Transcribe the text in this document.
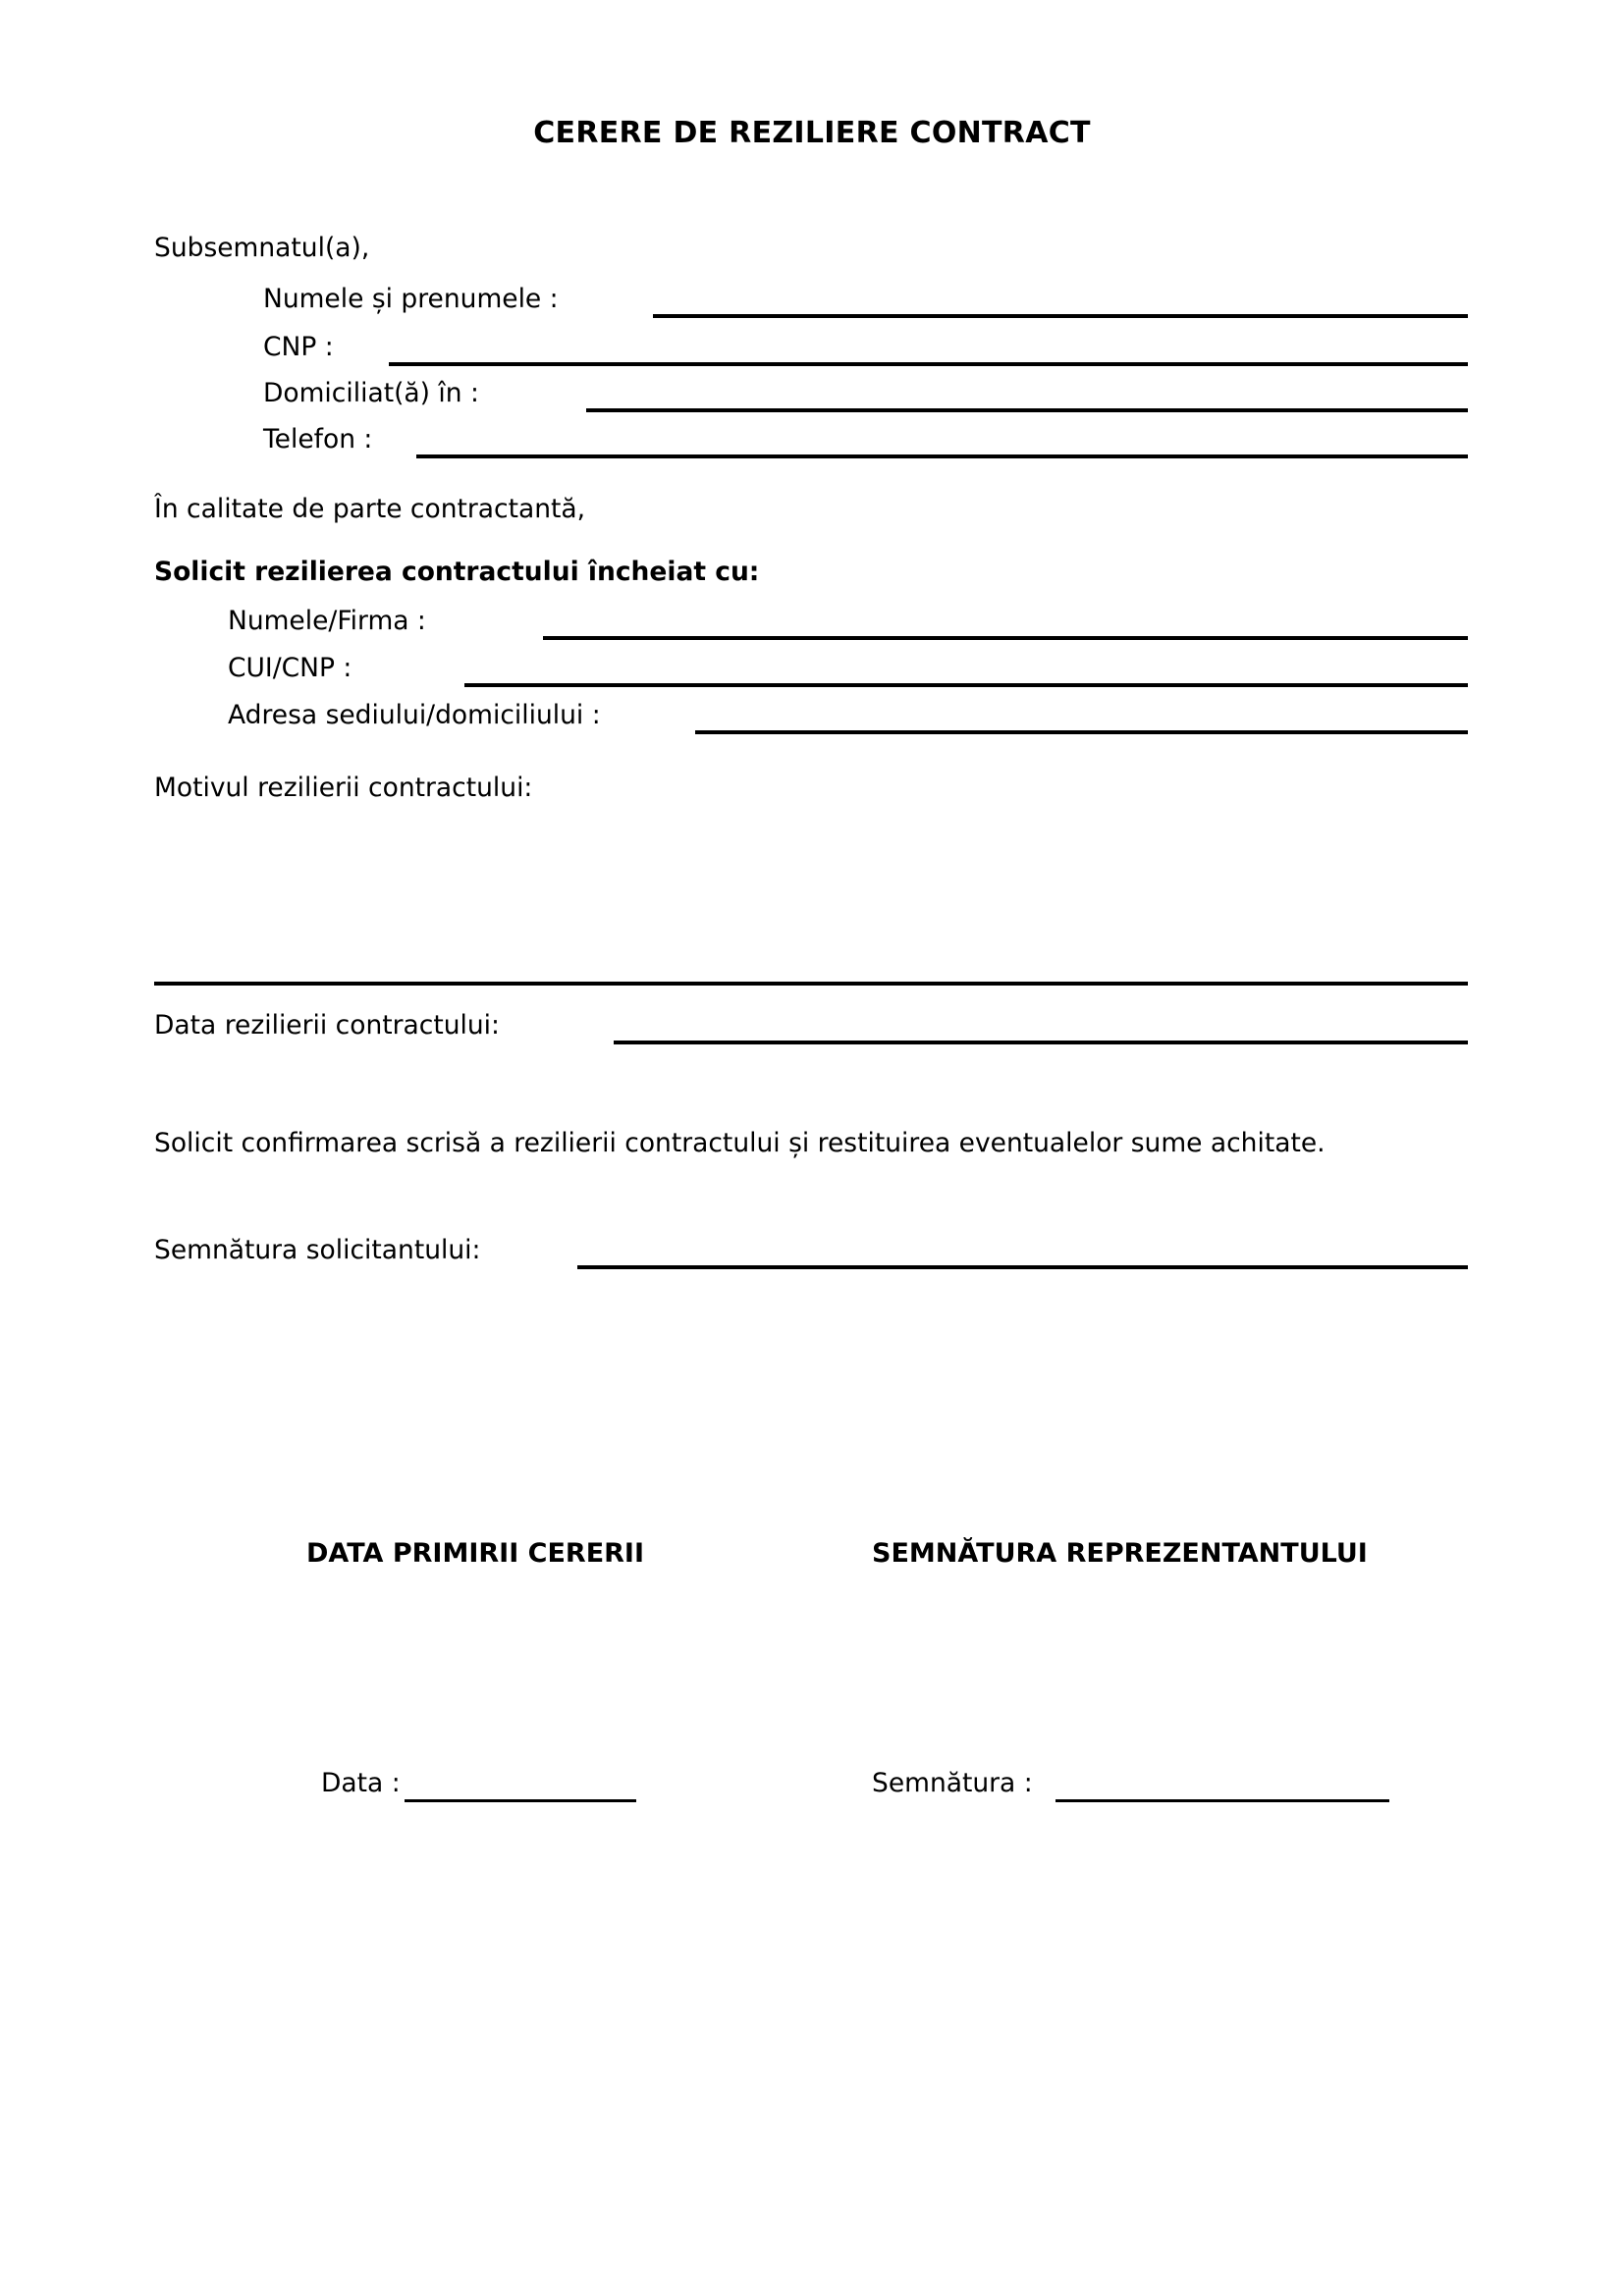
CERERE DE REZILIERE CONTRACT
Subsemnatul(a),
Numele și prenumele :
CNP :
Domiciliat(ă) în :
Telefon :
În calitate de parte contractantă,
Solicit rezilierea contractului încheiat cu:
Numele/Firma :
CUI/CNP :
Adresa sediului/domiciliului :
Motivul rezilierii contractului:
Data rezilierii contractului:
Solicit confirmarea scrisă a rezilierii contractului și restituirea eventualelor sume achitate.
Semnătura solicitantului:
DATA PRIMIRII CERERII	SEMNĂTURA REPREZENTANTULUI
Data :	Semnătura :
